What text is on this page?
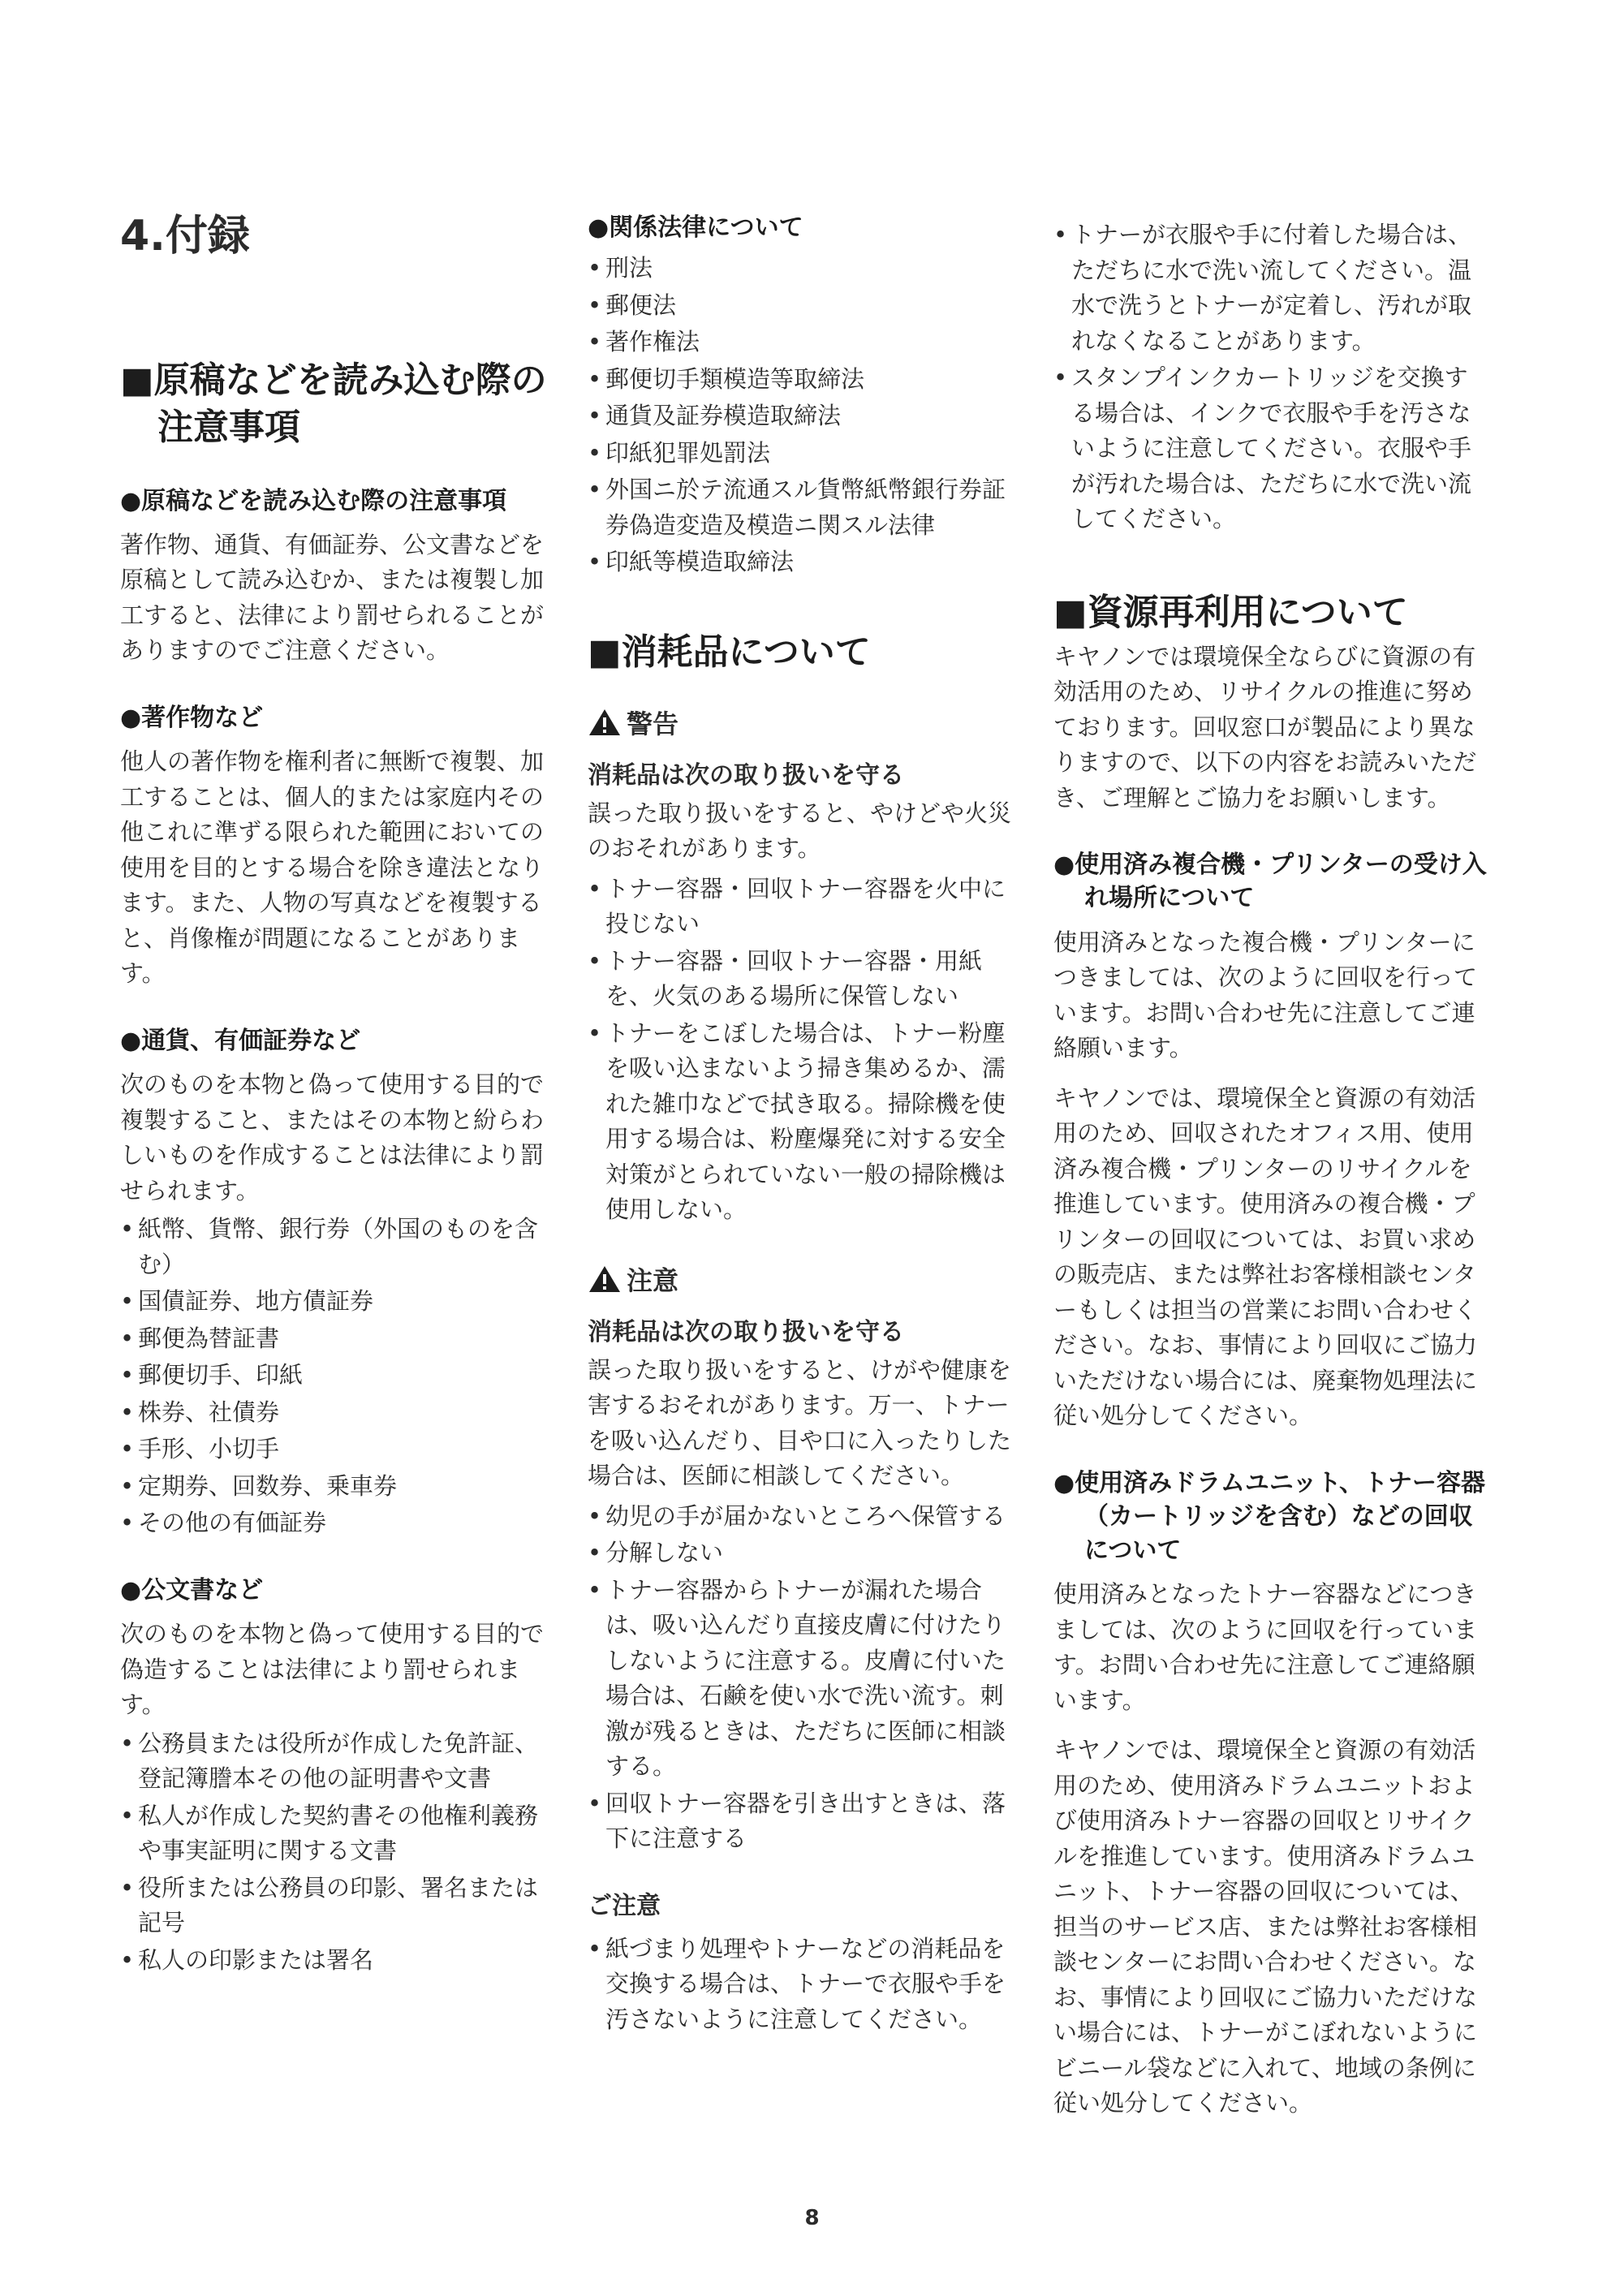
4.付録
■原稿などを読み込む際の注意事項
●原稿などを読み込む際の注意事項

著作物、通貨、有価証券、公文書などを原稿として読み込むか、または複製し加工すると、法律により罰せられることがありますのでご注意ください。

●著作物など

他人の著作物を権利者に無断で複製、加工することは、個人的または家庭内その他これに準ずる限られた範囲においての使用を目的とする場合を除き違法となります。また、人物の写真などを複製すると、肖像権が問題になることがあります。

●通貨、有価証券など

次のものを本物と偽って使用する目的で複製すること、またはその本物と紛らわしいものを作成することは法律により罰せられます。

• 紙幣、貨幣、銀行券（外国のものを含む）
• 国債証券、地方債証券
• 郵便為替証書
• 郵便切手、印紙
• 株券、社債券
• 手形、小切手
• 定期券、回数券、乗車券
• その他の有価証券
●公文書など

次のものを本物と偽って使用する目的で偽造することは法律により罰せられます。

• 公務員または役所が作成した免許証、登記簿謄本その他の証明書や文書
• 私人が作成した契約書その他権利義務や事実証明に関する文書
• 役所または公務員の印影、署名または記号
• 私人の印影または署名
●関係法律について
• 刑法
• 郵便法
• 著作権法
• 郵便切手類模造等取締法
• 通貨及証券模造取締法
• 印紙犯罪処罰法
• 外国ニ於テ流通スル貨幣紙幣銀行券証券偽造変造及模造ニ関スル法律
• 印紙等模造取締法
■消耗品について

警告

消耗品は次の取り扱いを守る

誤った取り扱いをすると、やけどや火災のおそれがあります。

• トナー容器・回収トナー容器を火中に投じない
• トナー容器・回収トナー容器・用紙を、火気のある場所に保管しない
• トナーをこぼした場合は、トナー粉塵を吸い込まないよう掃き集めるか、濡れた雑巾などで拭き取る。掃除機を使用する場合は、粉塵爆発に対する安全対策がとられていない一般の掃除機は使用しない。

注意

消耗品は次の取り扱いを守る

誤った取り扱いをすると、けがや健康を害するおそれがあります。万一、トナーを吸い込んだり、目や口に入ったりした場合は、医師に相談してください。

• 幼児の手が届かないところへ保管する
• 分解しない
• トナー容器からトナーが漏れた場合は、吸い込んだり直接皮膚に付けたりしないように注意する。皮膚に付いた場合は、石鹸を使い水で洗い流す。刺激が残るときは、ただちに医師に相談する。
• 回収トナー容器を引き出すときは、落下に注意する

ご注意

• 紙づまり処理やトナーなどの消耗品を交換する場合は、トナーで衣服や手を汚さないように注意してください。
• トナーが衣服や手に付着した場合は、ただちに水で洗い流してください。温水で洗うとトナーが定着し、汚れが取れなくなることがあります。
• スタンプインクカートリッジを交換する場合は、インクで衣服や手を汚さないように注意してください。衣服や手が汚れた場合は、ただちに水で洗い流してください。
■資源再利用について

キヤノンでは環境保全ならびに資源の有効活用のため、リサイクルの推進に努めております。回収窓口が製品により異なりますので、以下の内容をお読みいただき、ご理解とご協力をお願いします。

●使用済み複合機・プリンターの受け入れ場所について

使用済みとなった複合機・プリンターにつきましては、次のように回収を行っています。お問い合わせ先に注意してご連絡願います。

キヤノンでは、環境保全と資源の有効活用のため、回収されたオフィス用、使用済み複合機・プリンターのリサイクルを推進しています。使用済みの複合機・プリンターの回収については、お買い求めの販売店、または弊社お客様相談センターもしくは担当の営業にお問い合わせください。なお、事情により回収にご協力いただけない場合には、廃棄物処理法に従い処分してください。

●使用済みドラムユニット、トナー容器（カートリッジを含む）などの回収について

使用済みとなったトナー容器などにつきましては、次のように回収を行っています。お問い合わせ先に注意してご連絡願います。

キヤノンでは、環境保全と資源の有効活用のため、使用済みドラムユニットおよび使用済みトナー容器の回収とリサイクルを推進しています。使用済みドラムユニット、トナー容器の回収については、担当のサービス店、または弊社お客様相談センターにお問い合わせください。なお、事情により回収にご協力いただけない場合には、トナーがこぼれないようにビニール袋などに入れて、地域の条例に従い処分してください。

8
